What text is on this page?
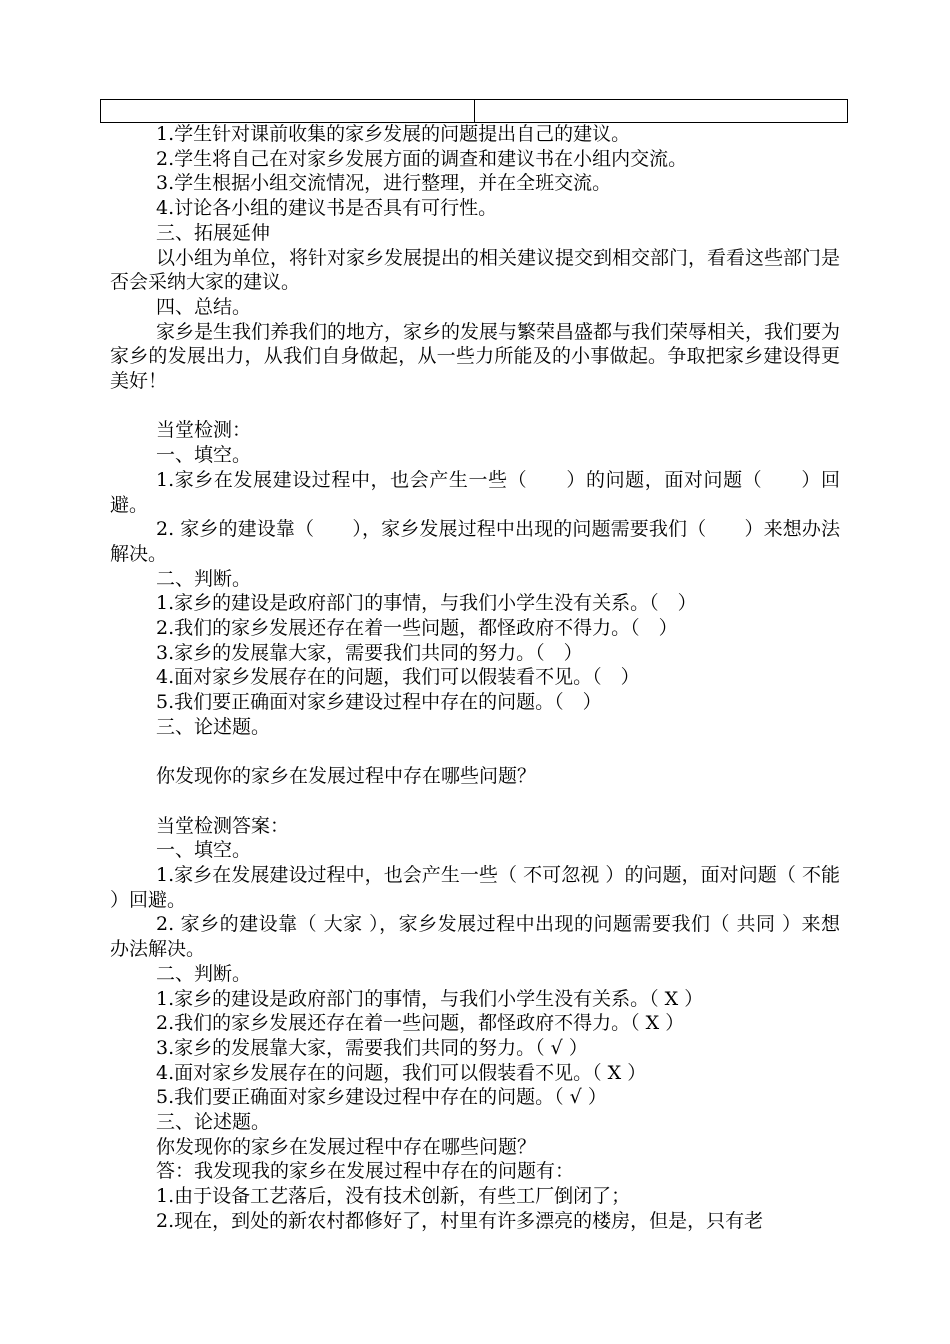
1.学生针对课前收集的家乡发展的问题提出自己的建议。

2.学生将自己在对家乡发展方面的调查和建议书在小组内交流。

3.学生根据小组交流情况，进行整理，并在全班交流。

4.讨论各小组的建议书是否具有可行性。

三、拓展延伸

以小组为单位，将针对家乡发展提出的相关建议提交到相交部门，看看这些部门是否会采纳大家的建议。

四、总结。

家乡是生我们养我们的地方，家乡的发展与繁荣昌盛都与我们荣辱相关，我们要为家乡的发展出力，从我们自身做起，从一些力所能及的小事做起。争取把家乡建设得更美好！

当堂检测：

一、填空。

1.家乡在发展建设过程中，也会产生一些（　　）的问题，面对问题（　　）回避。

2. 家乡的建设靠（　　），家乡发展过程中出现的问题需要我们（　　）来想办法解决。

二、判断。

1.家乡的建设是政府部门的事情，与我们小学生没有关系。（　）

2.我们的家乡发展还存在着一些问题，都怪政府不得力。（　）

3.家乡的发展靠大家，需要我们共同的努力。（　）

4.面对家乡发展存在的问题，我们可以假装看不见。（　）

5.我们要正确面对家乡建设过程中存在的问题。（　）

三、论述题。

你发现你的家乡在发展过程中存在哪些问题？

当堂检测答案：

一、填空。

1.家乡在发展建设过程中，也会产生一些（ 不可忽视 ）的问题，面对问题（ 不能 ）回避。

2. 家乡的建设靠（ 大家 ），家乡发展过程中出现的问题需要我们（ 共同 ）来想办法解决。

二、判断。

1.家乡的建设是政府部门的事情，与我们小学生没有关系。（ X ）

2.我们的家乡发展还存在着一些问题，都怪政府不得力。（ X ）

3.家乡的发展靠大家，需要我们共同的努力。（ √ ）

4.面对家乡发展存在的问题，我们可以假装看不见。（ X ）

5.我们要正确面对家乡建设过程中存在的问题。（ √ ）

三、论述题。

你发现你的家乡在发展过程中存在哪些问题？

答：我发现我的家乡在发展过程中存在的问题有：

1.由于设备工艺落后，没有技术创新，有些工厂倒闭了；

2.现在，到处的新农村都修好了，村里有许多漂亮的楼房，但是，只有老
